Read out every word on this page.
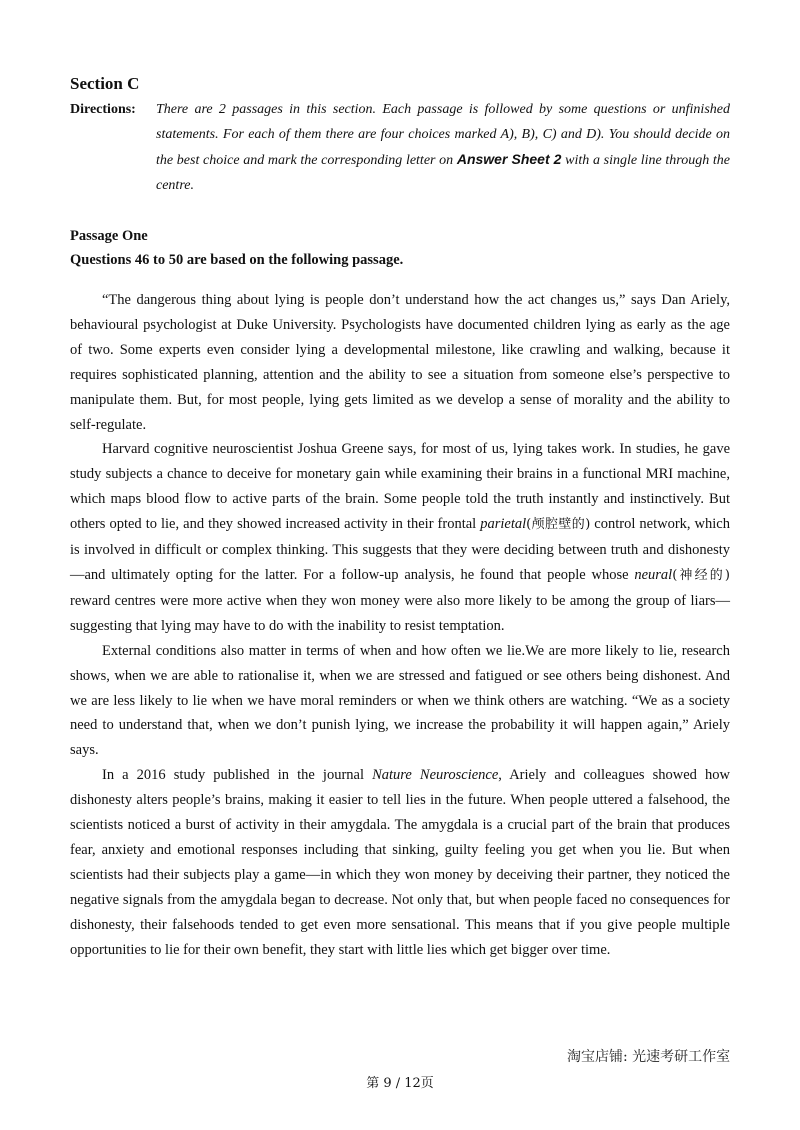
Section C
Directions:	There are 2 passages in this section. Each passage is followed by some questions or unfinished statements. For each of them there are four choices marked A), B), C) and D). You should decide on the best choice and mark the corresponding letter on Answer Sheet 2 with a single line through the centre.
Passage One
Questions 46 to 50 are based on the following passage.

“The dangerous thing about lying is people don’t understand how the act changes us,” says Dan Ariely, behavioural psychologist at Duke University. Psychologists have documented children lying as early as the age of two. Some experts even consider lying a developmental milestone, like crawling and walking, because it requires sophisticated planning, attention and the ability to see a situation from someone else’s perspective to manipulate them. But, for most people, lying gets limited as we develop a sense of morality and the ability to self-regulate.

Harvard cognitive neuroscientist Joshua Greene says, for most of us, lying takes work. In studies, he gave study subjects a chance to deceive for monetary gain while examining their brains in a functional MRI machine, which maps blood flow to active parts of the brain. Some people told the truth instantly and instinctively. But others opted to lie, and they showed increased activity in their frontal parietal(颅腔壁的) control network, which is involved in difficult or complex thinking. This suggests that they were deciding between truth and dishonesty—and ultimately opting for the latter. For a follow-up analysis, he found that people whose neural(神经的) reward centres were more active when they won money were also more likely to be among the group of liars—suggesting that lying may have to do with the inability to resist temptation.

External conditions also matter in terms of when and how often we lie.We are more likely to lie, research shows, when we are able to rationalise it, when we are stressed and fatigued or see others being dishonest. And we are less likely to lie when we have moral reminders or when we think others are watching. “We as a society need to understand that, when we don’t punish lying, we increase the probability it will happen again,” Ariely says.

In a 2016 study published in the journal Nature Neuroscience, Ariely and colleagues showed how dishonesty alters people’s brains, making it easier to tell lies in the future. When people uttered a falsehood, the scientists noticed a burst of activity in their amygdala. The amygdala is a crucial part of the brain that produces fear, anxiety and emotional responses including that sinking, guilty feeling you get when you lie. But when scientists had their subjects play a game—in which they won money by deceiving their partner, they noticed the negative signals from the amygdala began to decrease. Not only that, but when people faced no consequences for dishonesty, their falsehoods tended to get even more sensational. This means that if you give people multiple opportunities to lie for their own benefit, they start with little lies which get bigger over time.

淘宝店铺: 光速考研工作室
第 9 / 12页
